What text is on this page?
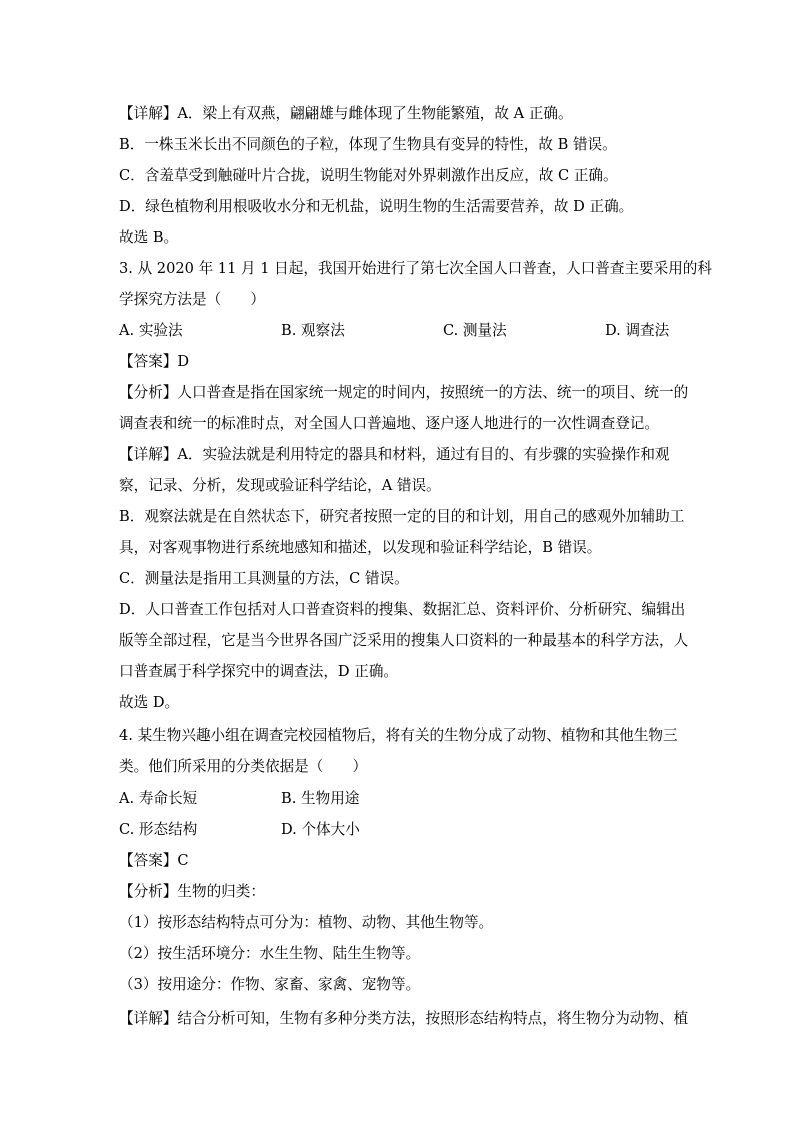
【详解】A．梁上有双燕，翩翩雄与雌体现了生物能繁殖，故 A 正确。
B．一株玉米长出不同颜色的子粒，体现了生物具有变异的特性，故 B 错误。
C．含羞草受到触碰叶片合拢，说明生物能对外界刺激作出反应，故 C 正确。
D．绿色植物利用根吸收水分和无机盐，说明生物的生活需要营养，故 D 正确。
故选 B。
3. 从 2020 年 11 月 1 日起，我国开始进行了第七次全国人口普查，人口普查主要采用的科
学探究方法是（　　）
A. 实验法	B. 观察法	C. 测量法	D. 调查法
【答案】D
【分析】人口普查是指在国家统一规定的时间内，按照统一的方法、统一的项目、统一的
调查表和统一的标准时点，对全国人口普遍地、逐户逐人地进行的一次性调查登记。
【详解】A．实验法就是利用特定的器具和材料，通过有目的、有步骤的实验操作和观
察，记录、分析，发现或验证科学结论，A 错误。
B．观察法就是在自然状态下，研究者按照一定的目的和计划，用自己的感观外加辅助工
具，对客观事物进行系统地感知和描述，以发现和验证科学结论，B 错误。
C．测量法是指用工具测量的方法，C 错误。
D．人口普查工作包括对人口普查资料的搜集、数据汇总、资料评价、分析研究、编辑出
版等全部过程，它是当今世界各国广泛采用的搜集人口资料的一种最基本的科学方法，人
口普查属于科学探究中的调查法，D 正确。
故选 D。
4. 某生物兴趣小组在调查完校园植物后，将有关的生物分成了动物、植物和其他生物三
类。他们所采用的分类依据是（　　）
A. 寿命长短	B. 生物用途
C. 形态结构	D. 个体大小
【答案】C
【分析】生物的归类：
（1）按形态结构特点可分为：植物、动物、其他生物等。
（2）按生活环境分：水生生物、陆生生物等。
（3）按用途分：作物、家畜、家禽、宠物等。
【详解】结合分析可知，生物有多种分类方法，按照形态结构特点，将生物分为动物、植
